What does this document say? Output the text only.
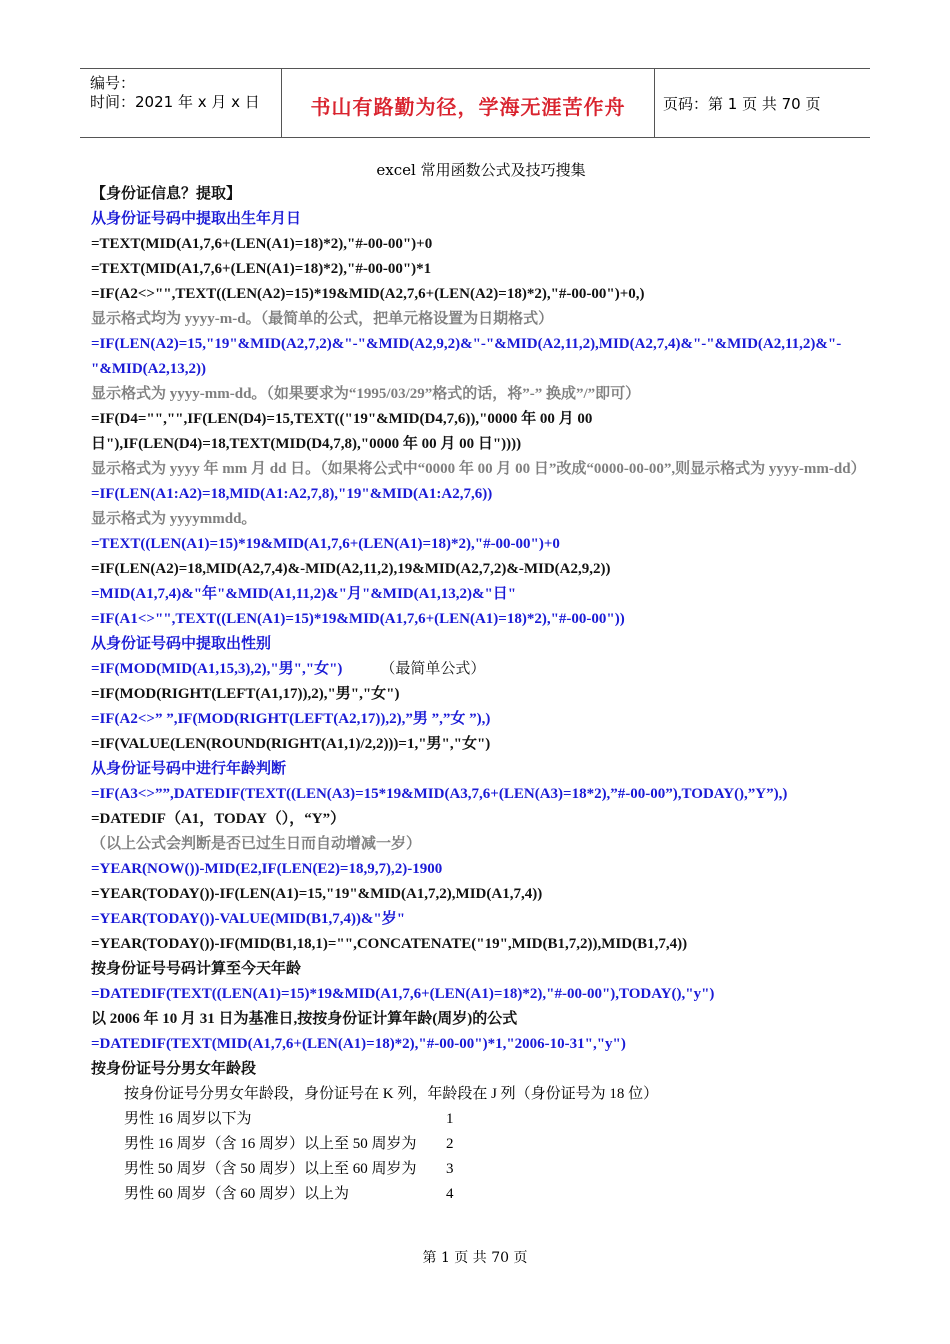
编号：
时间：2021 年 x 月 x 日	书山有路勤为径，学海无涯苦作舟	页码：第 1 页 共 70 页
excel 常用函数公式及技巧搜集
【身份证信息？提取】
从身份证号码中提取出生年月日
=TEXT(MID(A1,7,6+(LEN(A1)=18)*2),"#-00-00")+0
=TEXT(MID(A1,7,6+(LEN(A1)=18)*2),"#-00-00")*1
=IF(A2<>"",TEXT((LEN(A2)=15)*19&MID(A2,7,6+(LEN(A2)=18)*2),"#-00-00")+0,)
显示格式均为 yyyy-m-d。（最简单的公式，把单元格设置为日期格式）
=IF(LEN(A2)=15,"19"&MID(A2,7,2)&"-"&MID(A2,9,2)&"-"&MID(A2,11,2),MID(A2,7,4)&"-"&MID(A2,11,2)&"-"&MID(A2,13,2))
显示格式为 yyyy-mm-dd。（如果要求为“1995/03/29”格式的话，将”-” 换成”/”即可）
=IF(D4="","",IF(LEN(D4)=15,TEXT(("19"&MID(D4,7,6)),"0000 年 00 月 00 日"),IF(LEN(D4)=18,TEXT(MID(D4,7,8),"0000 年 00 月 00 日"))))
显示格式为 yyyy 年 mm 月 dd 日。（如果将公式中“0000 年 00 月 00 日”改成“0000-00-00”,则显示格式为 yyyy-mm-dd）
=IF(LEN(A1:A2)=18,MID(A1:A2,7,8),"19"&MID(A1:A2,7,6))
显示格式为 yyyymmdd。
=TEXT((LEN(A1)=15)*19&MID(A1,7,6+(LEN(A1)=18)*2),"#-00-00")+0
=IF(LEN(A2)=18,MID(A2,7,4)&-MID(A2,11,2),19&MID(A2,7,2)&-MID(A2,9,2))
=MID(A1,7,4)&"年"&MID(A1,11,2)&"月"&MID(A1,13,2)&"日"
=IF(A1<>"",TEXT((LEN(A1)=15)*19&MID(A1,7,6+(LEN(A1)=18)*2),"#-00-00"))
从身份证号码中提取出性别
=IF(MOD(MID(A1,15,3),2),"男","女")	（最简单公式）
=IF(MOD(RIGHT(LEFT(A1,17)),2),"男","女")
=IF(A2<>” ”,IF(MOD(RIGHT(LEFT(A2,17)),2),”男 ”,”女 ”),)
=IF(VALUE(LEN(ROUND(RIGHT(A1,1)/2,2)))=1,"男","女")
从身份证号码中进行年龄判断
=IF(A3<>””,DATEDIF(TEXT((LEN(A3)=15*19&MID(A3,7,6+(LEN(A3)=18*2),”#-00-00”),TODAY(),”Y”),)
=DATEDIF（A1，TODAY（），“Y”）
（以上公式会判断是否已过生日而自动增减一岁）
=YEAR(NOW())-MID(E2,IF(LEN(E2)=18,9,7),2)-1900
=YEAR(TODAY())-IF(LEN(A1)=15,"19"&MID(A1,7,2),MID(A1,7,4))
=YEAR(TODAY())-VALUE(MID(B1,7,4))&"岁"
=YEAR(TODAY())-IF(MID(B1,18,1)="",CONCATENATE("19",MID(B1,7,2)),MID(B1,7,4))
按身份证号号码计算至今天年龄
=DATEDIF(TEXT((LEN(A1)=15)*19&MID(A1,7,6+(LEN(A1)=18)*2),"#-00-00"),TODAY(),"y")
以 2006 年 10 月 31 日为基准日,按按身份证计算年龄(周岁)的公式
=DATEDIF(TEXT(MID(A1,7,6+(LEN(A1)=18)*2),"#-00-00")*1,"2006-10-31","y")
按身份证号分男女年龄段
按身份证号分男女年龄段，身份证号在 K 列，年龄段在 J 列（身份证号为 18 位）
男性 16 周岁以下为	1
男性 16 周岁（含 16 周岁）以上至 50 周岁为 2
男性 50 周岁（含 50 周岁）以上至 60 周岁为 3
男性 60 周岁（含 60 周岁）以上为	4
第 1 页 共 70 页
